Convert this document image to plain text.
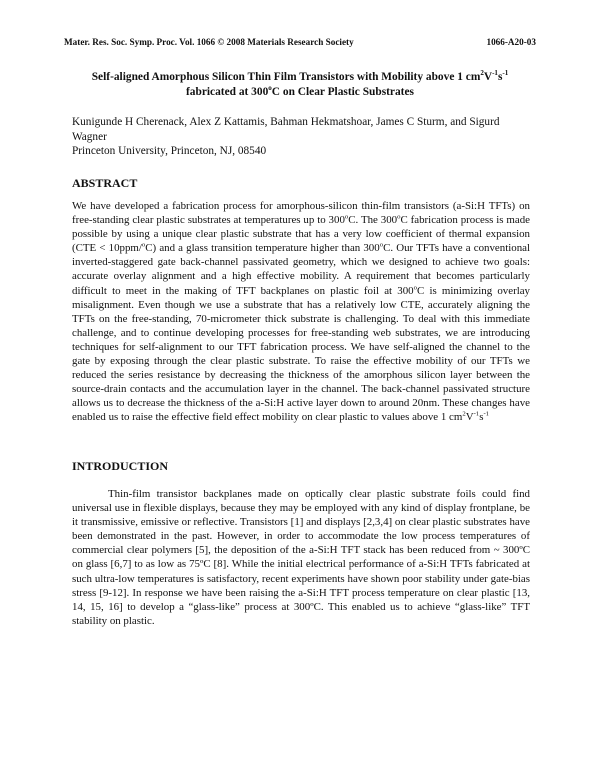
Mater. Res. Soc. Symp. Proc. Vol. 1066 © 2008 Materials Research Society	1066-A20-03
Self-aligned Amorphous Silicon Thin Film Transistors with Mobility above 1 $cm^2V^{-1}s^{-1}$
fabricated at 300$^o$C on Clear Plastic Substrates
Kunigunde H Cherenack, Alex Z Kattamis, Bahman Hekmatshoar, James C Sturm, and Sigurd Wagner
Princeton University, Princeton, NJ, 08540
ABSTRACT

We have developed a fabrication process for amorphous-silicon thin-film transistors (a-Si:H TFTs) on free-standing clear plastic substrates at temperatures up to 300$^o$C. The 300$^o$C fabrication process is made possible by using a unique clear plastic substrate that has a very low coefficient of thermal expansion (CTE < 10ppm/$^o$C) and a glass transition temperature higher than 300$^o$C. Our TFTs have a conventional inverted-staggered gate back-channel passivated geometry, which we designed to achieve two goals: accurate overlay alignment and a high effective mobility. A requirement that becomes particularly difficult to meet in the making of TFT backplanes on plastic foil at 300$^o$C is minimizing overlay misalignment. Even though we use a substrate that has a relatively low CTE, accurately aligning the TFTs on the free-standing, 70-micrometer thick substrate is challenging. To deal with this immediate challenge, and to continue developing processes for free-standing web substrates, we are introducing techniques for self-alignment to our TFT fabrication process. We have self-aligned the channel to the gate by exposing through the clear plastic substrate. To raise the effective mobility of our TFTs we reduced the series resistance by decreasing the thickness of the amorphous silicon layer between the source-drain contacts and the accumulation layer in the channel. The back-channel passivated structure allows us to decrease the thickness of the a-Si:H active layer down to around 20nm. These changes have enabled us to raise the effective field effect mobility on clear plastic to values above 1 $cm^2V^{-1}s^{-1}$

INTRODUCTION

Thin-film transistor backplanes made on optically clear plastic substrate foils could find universal use in flexible displays, because they may be employed with any kind of display frontplane, be it transmissive, emissive or reflective. Transistors [1] and displays [2,3,4] on clear plastic substrates have been demonstrated in the past. However, in order to accommodate the low process temperatures of commercial clear polymers [5], the deposition of the a-Si:H TFT stack has been reduced from ~ 300ºC on glass [6,7] to as low as 75ºC [8]. While the initial electrical performance of a-Si:H TFTs fabricated at such ultra-low temperatures is satisfactory, recent experiments have shown poor stability under gate-bias stress [9-12]. In response we have been raising the a-Si:H TFT process temperature on clear plastic [13, 14, 15, 16] to develop a “glass-like” process at 300ºC. This enabled us to achieve “glass-like” TFT stability on plastic.
